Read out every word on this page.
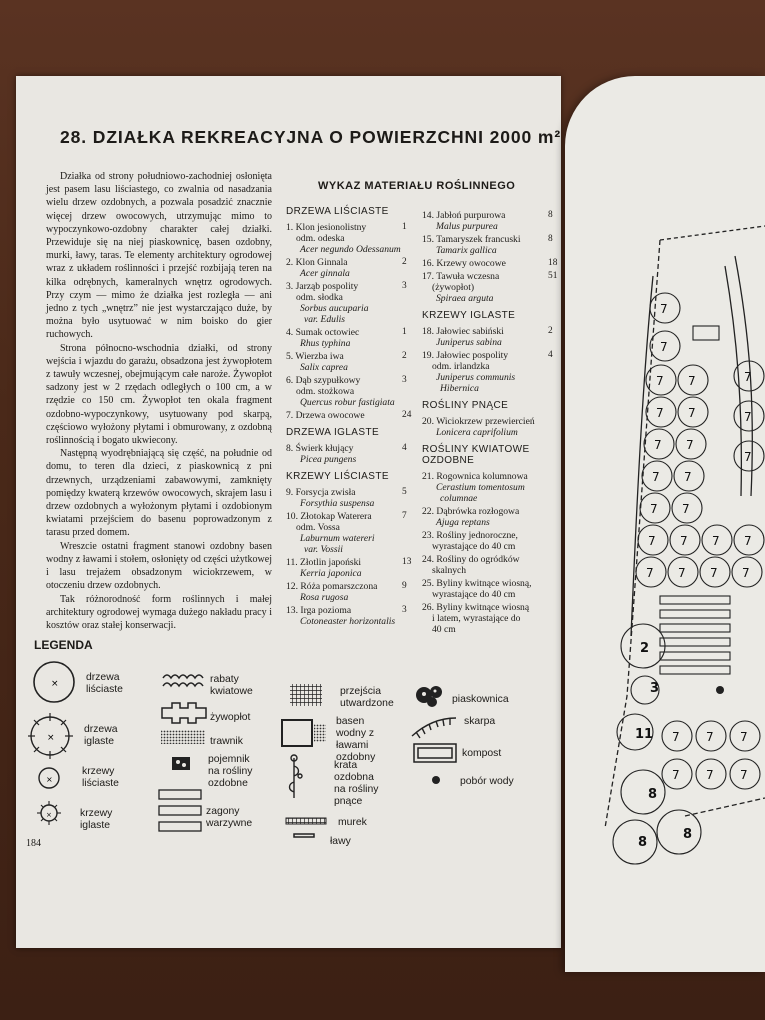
28. DZIAŁKA REKREACYJNA O POWIERZCHNI 2000 m²

Działka od strony południowo-zachodniej osłonięta jest pasem lasu liściastego, co zwalnia od nasadzania wielu drzew ozdobnych, a pozwala posadzić znacznie więcej drzew owocowych, utrzymując mimo to wypoczynkowo-ozdobny charakter całej działki. Przewiduje się na niej piaskownicę, basen ozdobny, murki, ławy, taras. Te elementy architektury ogrodowej wraz z układem roślinności i przejść rozbijają teren na kilka odrębnych, kameralnych wnętrz ogrodowych. Przy czym — mimo że działka jest rozległa — ani jedno z tych „wnętrz” nie jest wystarczająco duże, by można było usytuować w nim boisko do gier ruchowych.

Strona północno-wschodnia działki, od strony wejścia i wjazdu do garażu, obsadzona jest żywopłotem z tawuły wczesnej, obejmującym całe naroże. Żywopłot sadzony jest w 2 rzędach odległych o 100 cm, a w rzędzie co 150 cm. Żywopłot ten okala fragment ozdobno-wypoczynkowy, usytuowany pod skarpą, częściowo wyłożony płytami i obmurowany, z ozdobną roślinnością i bogato ukwiecony.

Następną wyodrębniającą się część, na południe od domu, to teren dla dzieci, z piaskownicą z pni drzewnych, urządzeniami zabawowymi, zamknięty pomiędzy kwaterą krzewów owocowych, skrajem lasu i drzew ozdobnych a wyłożonym płytami i ozdobionym kwiatami przejściem do basenu poprowadzonym z tarasu przed domem.

Wreszcie ostatni fragment stanowi ozdobny basen wodny z ławami i stołem, osłonięty od części użytkowej i lasu trejażem obsadzonym wiciokrzewem, w otoczeniu drzew ozdobnych.

Tak różnorodność form roślinnych i małej architektury ogrodowej wymaga dużego nakładu pracy i kosztów oraz stałej konserwacji.

WYKAZ MATERIAŁU ROŚLINNEGO
DRZEWA LIŚCIASTE
1. Klon jesionolistny
odm. odeska
Acer negundo Odessanum
1
2. Klon Ginnala
Acer ginnala
2
3. Jarząb pospolity
odm. słodka
Sorbus aucuparia
var. Edulis
3
4. Sumak octowiec
Rhus typhina
1
5. Wierzba iwa
Salix caprea
2
6. Dąb szypułkowy
odm. stożkowa
Quercus robur fastigiata
3
7. Drzewa owocowe	24
DRZEWA IGLASTE
8. Świerk kłujący
Picea pungens
4
KRZEWY LIŚCIASTE
9. Forsycja zwisła
Forsythia suspensa
5
10. Złotokap Waterera
odm. Vossa
Laburnum watereri
var. Vossii
7
11. Złotlin japoński
Kerria japonica
13
12. Róża pomarszczona
Rosa rugosa
9
13. Irga pozioma
Cotoneaster horizontalis
3
14. Jabłoń purpurowa
Malus purpurea
8
15. Tamaryszek francuski
Tamarix gallica
8
16. Krzewy owocowe	18
17. Tawuła wczesna
(żywopłot)
Spiraea arguta
51
KRZEWY IGLASTE
18. Jałowiec sabiński
Juniperus sabina
2
19. Jałowiec pospolity
odm. irlandzka
Juniperus communis
Hibernica
4
ROŚLINY PNĄCE
20. Wiciokrzew przewiercień
Lonicera caprifolium
ROŚLINY KWIATOWE OZDOBNE
21. Rogownica kolumnowa
Cerastium tomentosum
columnae
22. Dąbrówka rozłogowa
Ajuga reptans
23. Rośliny jednoroczne,
wyrastające do 40 cm
24. Rośliny do ogródków
skalnych
25. Byliny kwitnące wiosną,
wyrastające do 40 cm
26. Byliny kwitnące wiosną
i latem, wyrastające do
40 cm
LEGENDA
×
×
×
×
drzewa liściaste
drzewa iglaste
krzewy liściaste
krzewy iglaste
rabaty kwiatowe
żywopłot
trawnik
pojemnik na rośliny ozdobne
zagony warzywne
przejścia utwardzone
basen wodny z ławami ozdobny
krata ozdobna na rośliny pnące
murek
ławy
piaskownica
skarpa
kompost
pobór wody
184
7
7
7 7
7 7
7 7
7 7
7 7
7 7 7 7
7 7 7 7
7 7 7
7 7 7
7
7
7
2
3
11
8
8
8
